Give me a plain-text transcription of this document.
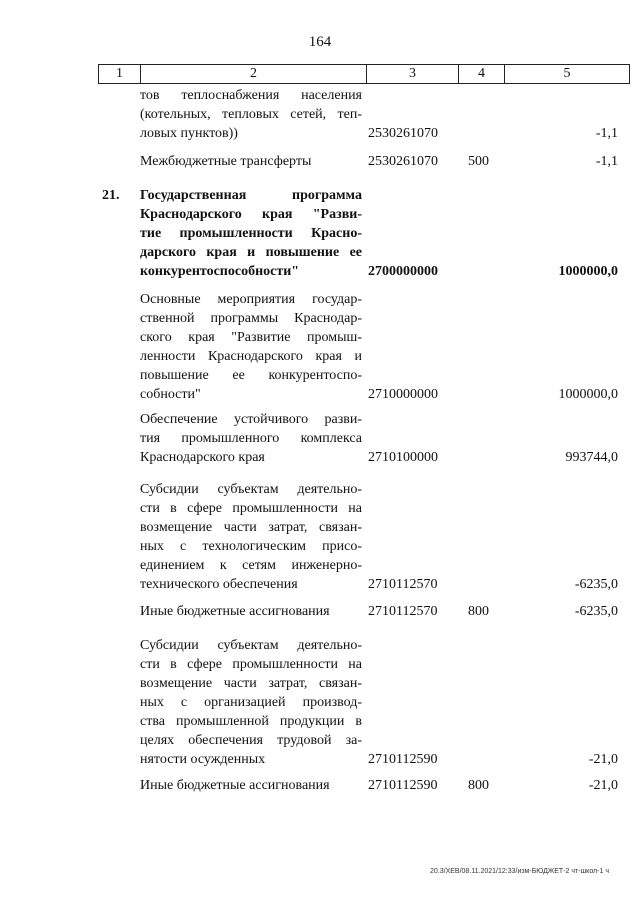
164
1	2	3	4	5
тов теплоснабжения населения
(котельных, тепловых сетей, теп-
ловых пунктов))	2530261070	-1,1
Межбюджетные трансферты	2530261070	500	-1,1
21.	Государственная программа
Краснодарского края "Разви-
тие промышленности Красно-
дарского края и повышение ее
конкурентоспособности"	2700000000	1000000,0
Основные мероприятия государ-
ственной программы Краснодар-
ского края "Развитие промыш-
ленности Краснодарского края и
повышение ее конкурентоспо-
собности"	2710000000	1000000,0
Обеспечение устойчивого разви-
тия промышленного комплекса
Краснодарского края	2710100000	993744,0
Субсидии субъектам деятельно-
сти в сфере промышленности на
возмещение части затрат, связан-
ных с технологическим присо-
единением к сетям инженерно-
технического обеспечения	2710112570	-6235,0
Иные бюджетные ассигнования	2710112570	800	-6235,0
Субсидии субъектам деятельно-
сти в сфере промышленности на
возмещение части затрат, связан-
ных с организацией производ-
ства промышленной продукции в
целях обеспечения трудовой за-
нятости осужденных	2710112590	-21,0
Иные бюджетные ассигнования	2710112590	800	-21,0
20.3/ХЕВ/08.11.2021/12:33/изм-БЮДЖЕТ-2 чт-школ-1 ч
